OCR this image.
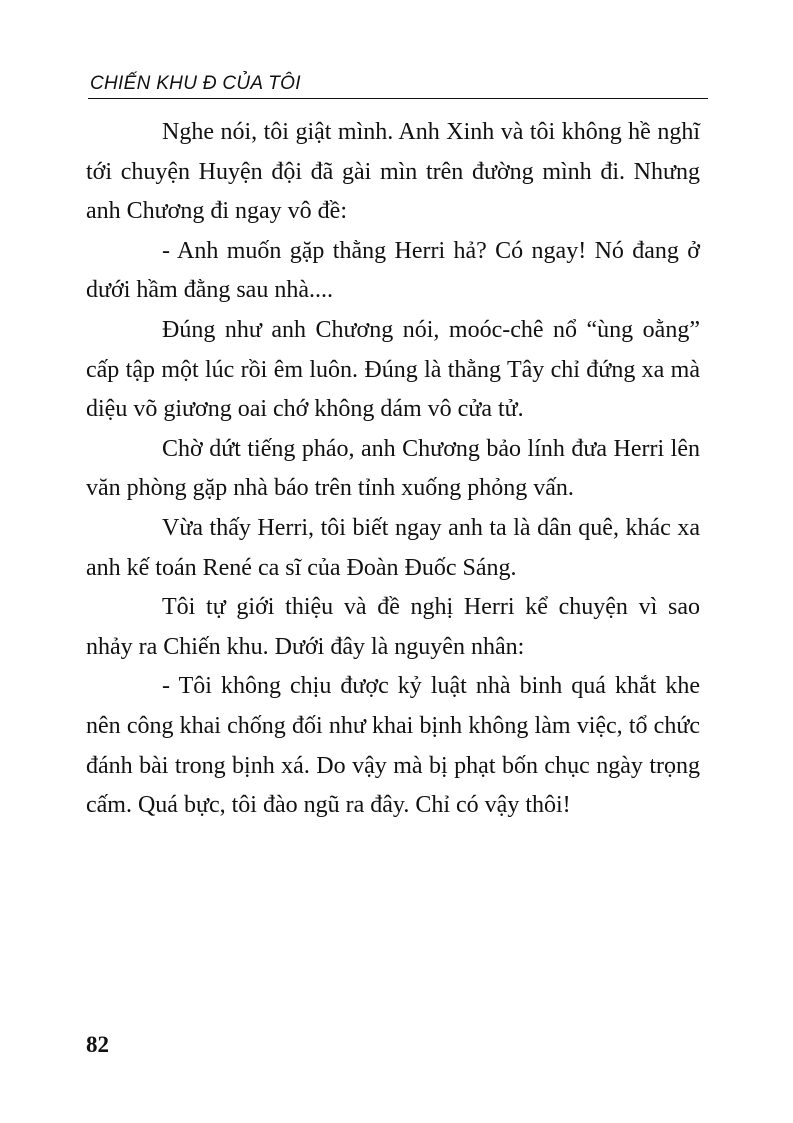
CHIẾN KHU Đ CỦA TÔI

Nghe nói, tôi giật mình. Anh Xinh và tôi không hề nghĩ tới chuyện Huyện đội đã gài mìn trên đường mình đi. Nhưng anh Chương đi ngay vô đề:

- Anh muốn gặp thằng Herri hả? Có ngay! Nó đang ở dưới hầm đằng sau nhà....

Đúng như anh Chương nói, moóc-chê nổ “ùng oằng” cấp tập một lúc rồi êm luôn. Đúng là thằng Tây chỉ đứng xa mà diệu võ giương oai chớ không dám vô cửa tử.

Chờ dứt tiếng pháo, anh Chương bảo lính đưa Herri lên văn phòng gặp nhà báo trên tỉnh xuống phỏng vấn.

Vừa thấy Herri, tôi biết ngay anh ta là dân quê, khác xa anh kế toán René ca sĩ của Đoàn Đuốc Sáng.

Tôi tự giới thiệu và đề nghị Herri kể chuyện vì sao nhảy ra Chiến khu. Dưới đây là nguyên nhân:

- Tôi không chịu được kỷ luật nhà binh quá khắt khe nên công khai chống đối như khai bịnh không làm việc, tổ chức đánh bài trong bịnh xá. Do vậy mà bị phạt bốn chục ngày trọng cấm. Quá bực, tôi đào ngũ ra đây. Chỉ có vậy thôi!

82
